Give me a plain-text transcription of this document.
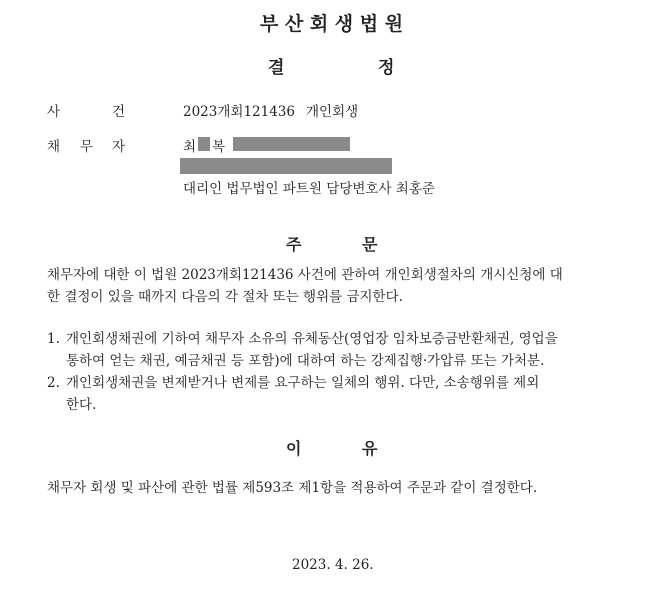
부 산 회 생 법 원
결	정
사	건	2023개회121436 개인회생
채 무 자	최 복
대리인 법무법인 파트원 담당변호사 최홍준
주	문
채무자에 대한 이 법원 2023개회121436 사건에 관하여 개인회생절차의 개시신청에 대
한 결정이 있을 때까지 다음의 각 절차 또는 행위를 금지한다.
1. 개인회생채권에 기하여 채무자 소유의 유체동산(영업장 임차보증금반환채권, 영업을
통하여 얻는 채권, 예금채권 등 포함)에 대하여 하는 강제집행·가압류 또는 가처분.
2. 개인회생채권을 변제받거나 변제를 요구하는 일체의 행위. 다만, 소송행위를 제외
한다.
이	유
채무자 회생 및 파산에 관한 법률 제593조 제1항을 적용하여 주문과 같이 결정한다.
2023. 4. 26.
